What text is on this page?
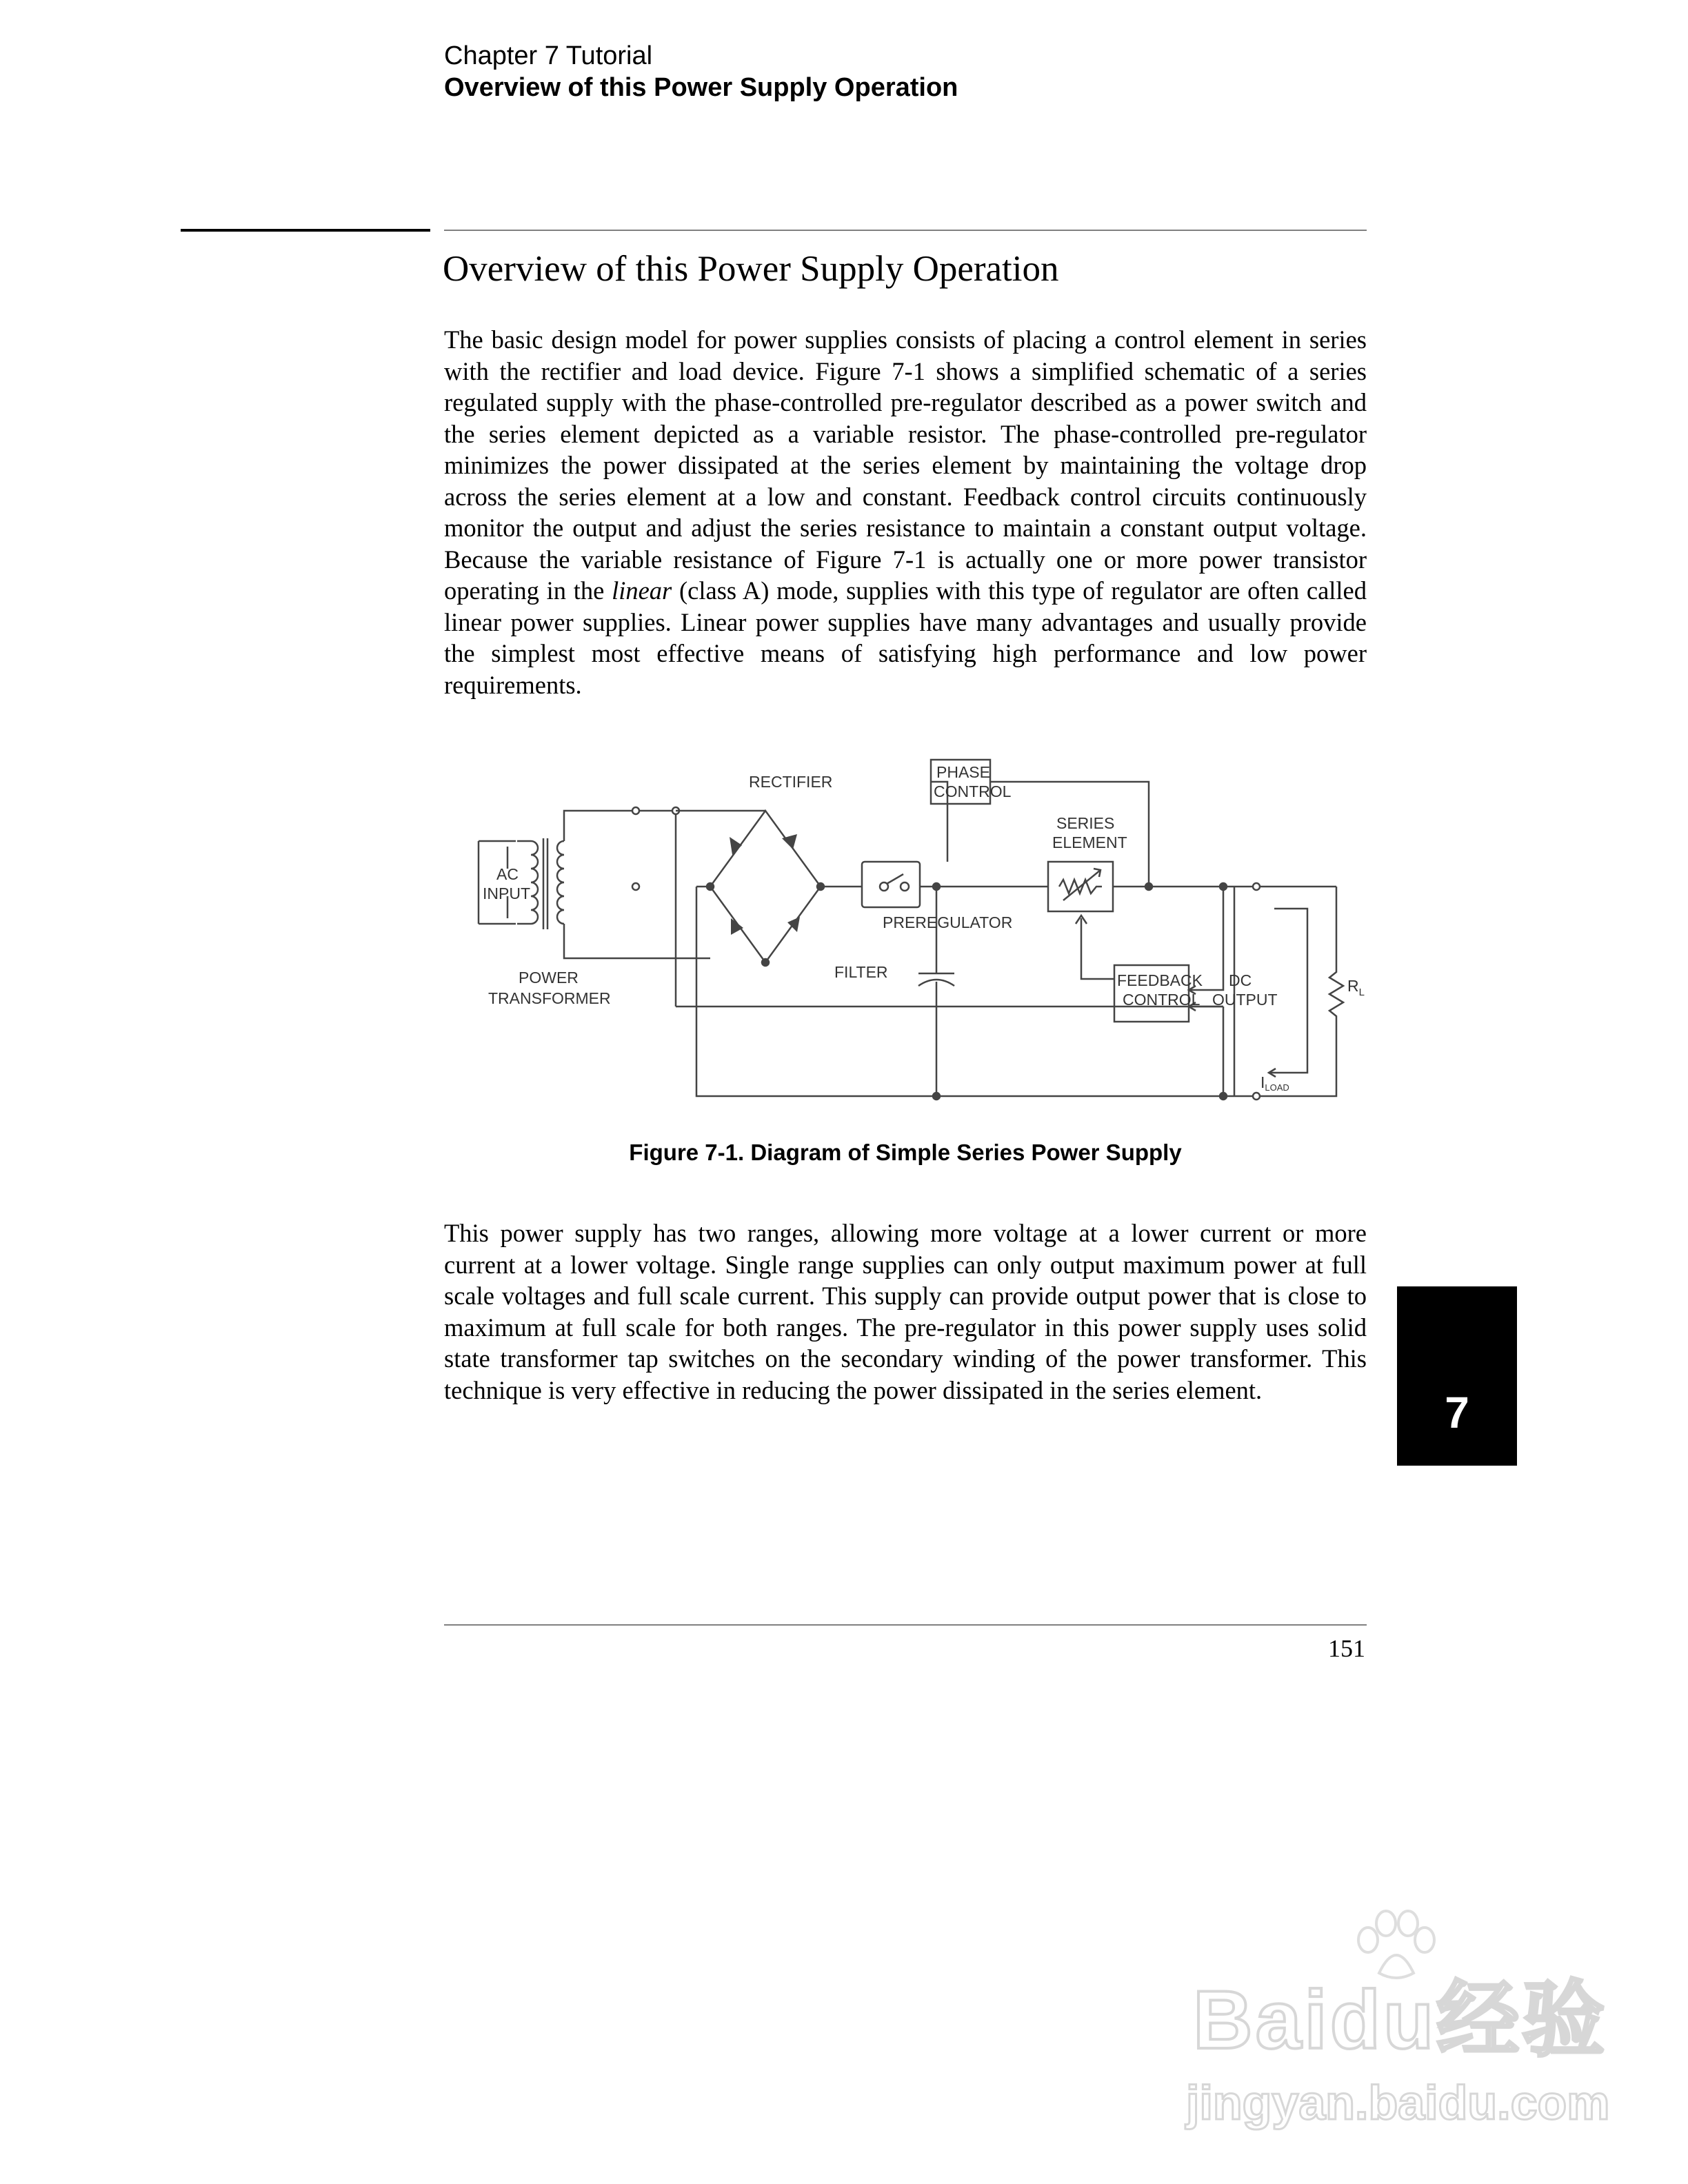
Chapter 7 Tutorial
Overview of this Power Supply Operation
Overview of this Power Supply Operation

The basic design model for power supplies consists of placing a control element in series with the rectifier and load device. Figure 7-1 shows a simplified schematic of a series regulated supply with the phase-controlled pre-regulator described as a power switch and the series element depicted as a variable resistor. The phase-controlled pre-regulator minimizes the power dissipated at the series element by maintaining the voltage drop across the series element at a low and constant. Feedback control circuits continuously monitor the output and adjust the series resistance to maintain a constant output voltage. Because the variable resistance of Figure 7-1 is actually one or more power transistor operating in the linear (class A) mode, supplies with this type of regulator are often called linear power supplies. Linear power supplies have many advantages and usually provide the simplest most effective means of satisfying high performance and low power requirements.

RECTIFIER
PHASE
CONTROL
SERIES
ELEMENT
AC
INPUT
PREREGULATOR
POWER
TRANSFORMER
FILTER	FEEDBACK
CONTROL
DC
OUTPUT
$R_L$
ILOAD

Figure 7-1. Diagram of Simple Series Power Supply

This power supply has two ranges, allowing more voltage at a lower current or more current at a lower voltage. Single range supplies can only output maximum power at full scale voltages and full scale current. This supply can provide output power that is close to maximum at full scale for both ranges. The pre-regulator in this power supply uses solid state transformer tap switches on the secondary winding of the power transformer. This technique is very effective in reducing the power dissipated in the series element.	7
151
Baidu经验
jingyan.baidu.com
